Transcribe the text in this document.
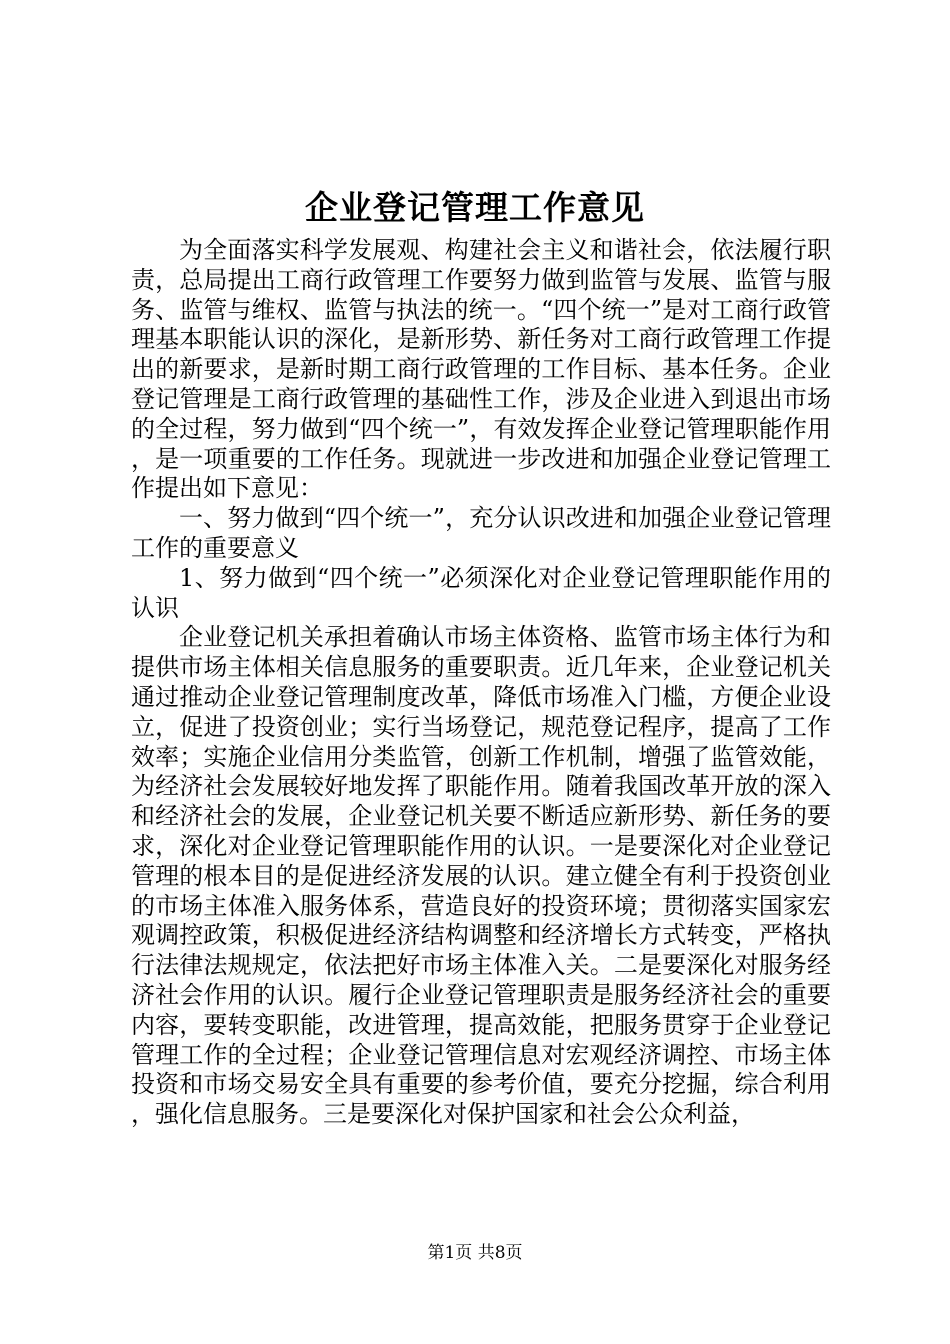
企业登记管理工作意见

为全面落实科学发展观、构建社会主义和谐社会，依法履行职责，总局提出工商行政管理工作要努力做到监管与发展、监管与服务、监管与维权、监管与执法的统一。“四个统一”是对工商行政管理基本职能认识的深化，是新形势、新任务对工商行政管理工作提出的新要求，是新时期工商行政管理的工作目标、基本任务。企业登记管理是工商行政管理的基础性工作，涉及企业进入到退出市场的全过程，努力做到“四个统一”，有效发挥企业登记管理职能作用，是一项重要的工作任务。现就进一步改进和加强企业登记管理工作提出如下意见：

一、努力做到“四个统一”，充分认识改进和加强企业登记管理工作的重要意义

1、努力做到“四个统一”必须深化对企业登记管理职能作用的认识

企业登记机关承担着确认市场主体资格、监管市场主体行为和提供市场主体相关信息服务的重要职责。近几年来，企业登记机关通过推动企业登记管理制度改革，降低市场准入门槛，方便企业设立，促进了投资创业；实行当场登记，规范登记程序，提高了工作效率；实施企业信用分类监管，创新工作机制，增强了监管效能，为经济社会发展较好地发挥了职能作用。随着我国改革开放的深入和经济社会的发展，企业登记机关要不断适应新形势、新任务的要求，深化对企业登记管理职能作用的认识。一是要深化对企业登记管理的根本目的是促进经济发展的认识。建立健全有利于投资创业的市场主体准入服务体系，营造良好的投资环境；贯彻落实国家宏观调控政策，积极促进经济结构调整和经济增长方式转变，严格执行法律法规规定，依法把好市场主体准入关。二是要深化对服务经济社会作用的认识。履行企业登记管理职责是服务经济社会的重要内容，要转变职能，改进管理，提高效能，把服务贯穿于企业登记管理工作的全过程；企业登记管理信息对宏观经济调控、市场主体投资和市场交易安全具有重要的参考价值，要充分挖掘，综合利用，强化信息服务。三是要深化对保护国家和社会公众利益，

第1页 共8页
